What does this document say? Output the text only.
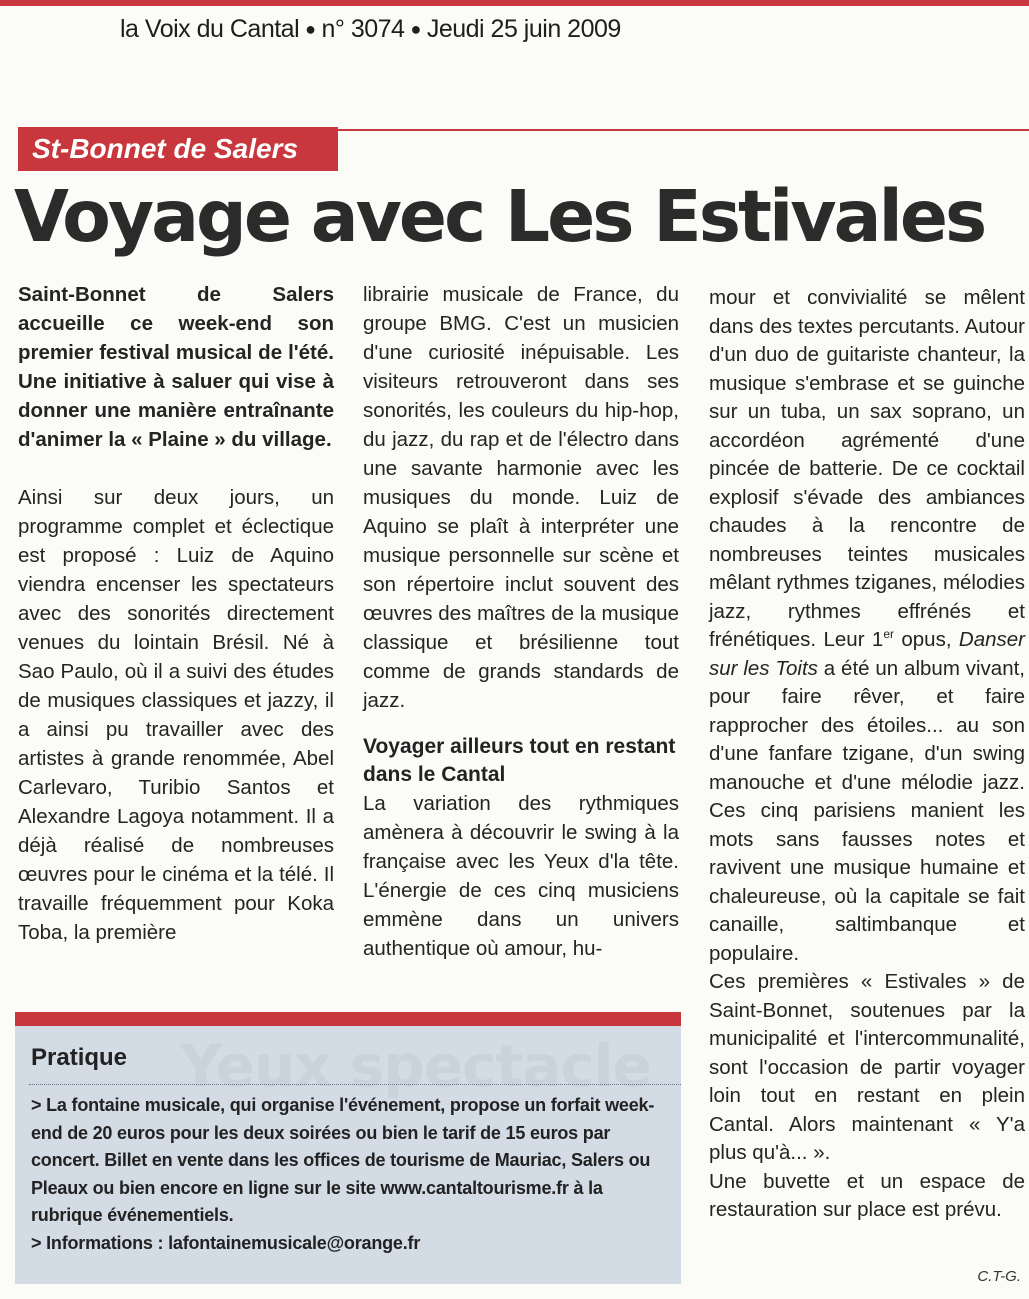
la Voix du Cantal ● n° 3074 ● Jeudi 25 juin 2009
St-Bonnet de Salers
Voyage avec Les Estivales

Saint-Bonnet de Salers accueille ce week-end son premier festival musical de l'été. Une initiative à saluer qui vise à donner une manière entraînante d'animer la « Plaine » du village.

Ainsi sur deux jours, un programme complet et éclectique est proposé : Luiz de Aquino viendra encenser les spectateurs avec des sonorités directement venues du lointain Brésil. Né à Sao Paulo, où il a suivi des études de musiques classiques et jazzy, il a ainsi pu travailler avec des artistes à grande renommée, Abel Carlevaro, Turibio Santos et Alexandre Lagoya notamment. Il a déjà réalisé de nombreuses œuvres pour le cinéma et la télé. Il travaille fréquemment pour Koka Toba, la première

librairie musicale de France, du groupe BMG. C'est un musicien d'une curiosité inépuisable. Les visiteurs retrouveront dans ses sonorités, les couleurs du hip-hop, du jazz, du rap et de l'électro dans une savante harmonie avec les musiques du monde. Luiz de Aquino se plaît à interpréter une musique personnelle sur scène et son répertoire inclut souvent des œuvres des maîtres de la musique classique et brésilienne tout comme de grands standards de jazz.

Voyager ailleurs tout en restant dans le Cantal

La variation des rythmiques amènera à découvrir le swing à la française avec les Yeux d'la tête. L'énergie de ces cinq musiciens emmène dans un univers authentique où amour, hu-

mour et convivialité se mêlent dans des textes percutants. Autour d'un duo de guitariste chanteur, la musique s'embrase et se guinche sur un tuba, un sax soprano, un accordéon agrémenté d'une pincée de batterie. De ce cocktail explosif s'évade des ambiances chaudes à la rencontre de nombreuses teintes musicales mêlant rythmes tziganes, mélodies jazz, rythmes effrénés et frénétiques. Leur 1er opus, Danser sur les Toits a été un album vivant, pour faire rêver, et faire rapprocher des étoiles... au son d'une fanfare tzigane, d'un swing manouche et d'une mélodie jazz. Ces cinq parisiens manient les mots sans fausses notes et ravivent une musique humaine et chaleureuse, où la capitale se fait canaille, saltimbanque et populaire.

Ces premières « Estivales » de Saint-Bonnet, soutenues par la municipalité et l'intercommunalité, sont l'occasion de partir voyager loin tout en restant en plein Cantal. Alors maintenant « Y'a plus qu'à... ».

Une buvette et un espace de restauration sur place est prévu.

C.T-G.
Yeux spectacle
Pratique

> La fontaine musicale, qui organise l'événement, propose un forfait week-end de 20 euros pour les deux soirées ou bien le tarif de 15 euros par concert. Billet en vente dans les offices de tourisme de Mauriac, Salers ou Pleaux ou bien encore en ligne sur le site www.cantaltourisme.fr à la rubrique événementiels.

> Informations : lafontainemusicale@orange.fr
